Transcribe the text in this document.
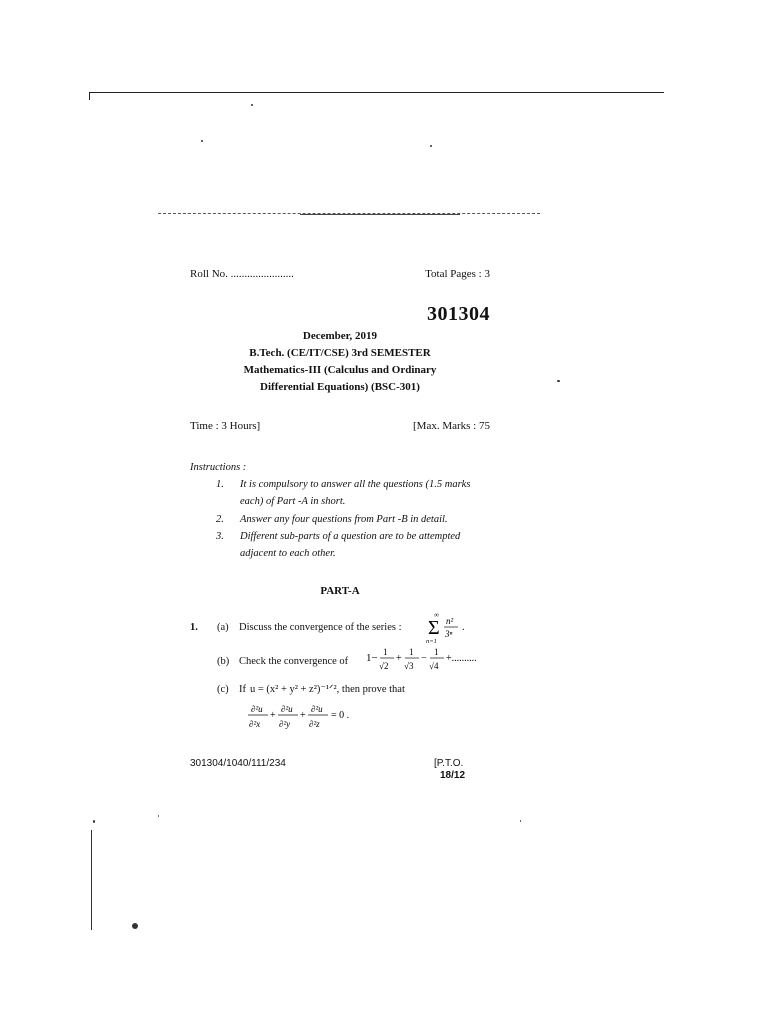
Roll No. .......................	Total Pages : 3
301304
December, 2019
B.Tech. (CE/IT/CSE) 3rd SEMESTER
Mathematics-III (Calculus and Ordinary
Differential Equations) (BSC-301)
Time : 3 Hours]	[Max. Marks : 75
Instructions :
1. It is compulsory to answer all the questions (1.5 marks
each) of Part -A in short.
2. Answer any four questions from Part -B in detail.
3. Different sub-parts of a question are to be attempted
adjacent to each other.
PART-A
1. (a) Discuss the convergence of the series :
∞
Σ
n=1
n²
3ⁿ
.
(b) Check the convergence of 1− 1
√2
+
1
√3
−
1
√4
+..........
(c) If u = (x² + y² + z²)⁻¹ᐟ², then prove that
∂²u
∂²x
+
∂²u
∂²y
+
∂²u
∂²z
= 0 .
301304/1040/111/234	[P.T.O.
18/12
